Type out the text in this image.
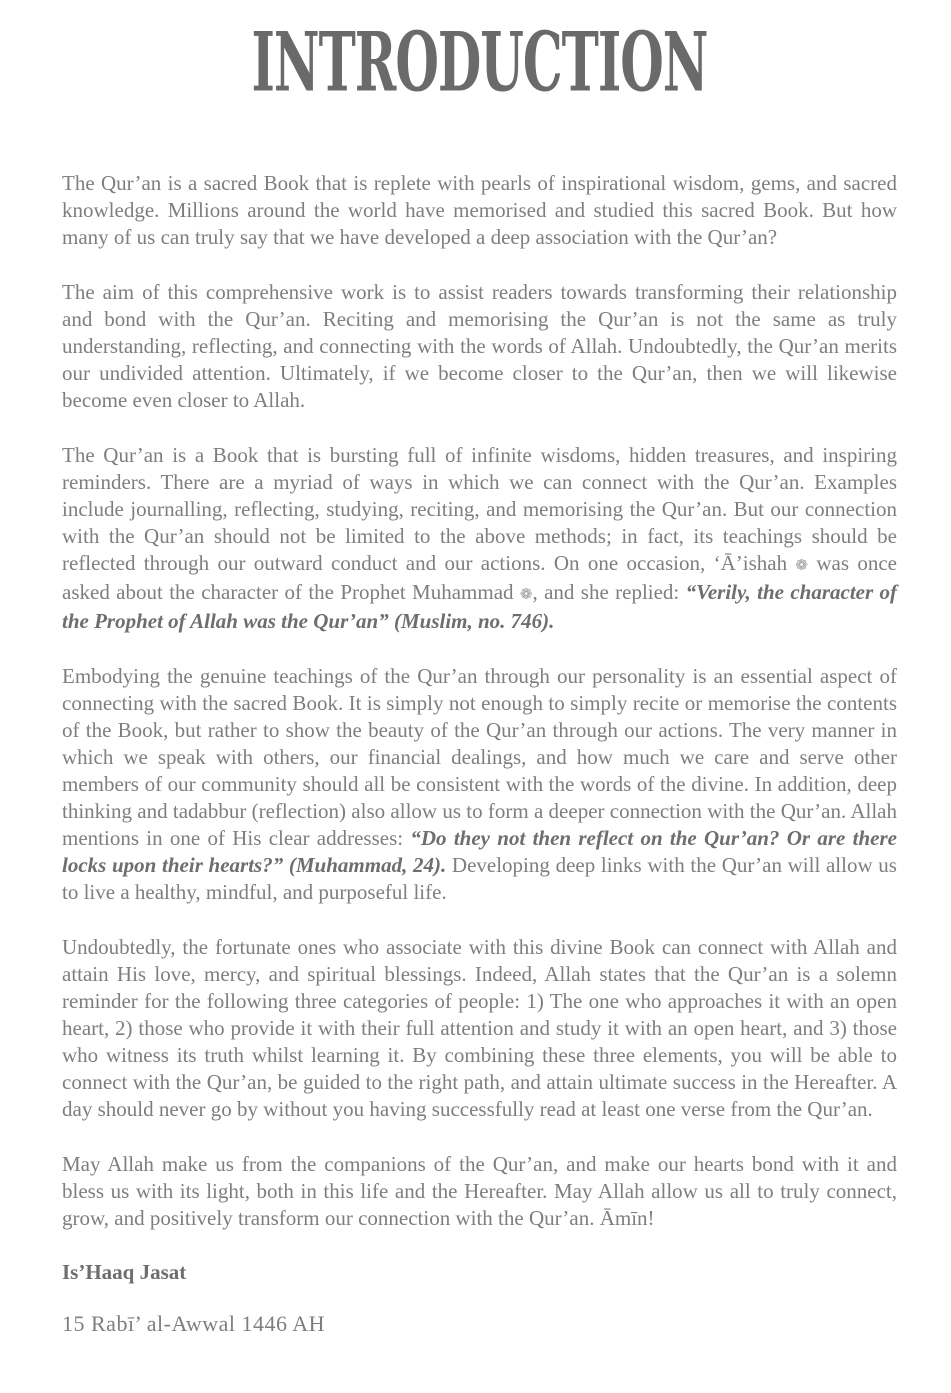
INTRODUCTION

The Qur’an is a sacred Book that is replete with pearls of inspirational wisdom, gems, and sacred knowledge. Millions around the world have memorised and studied this sacred Book. But how many of us can truly say that we have developed a deep association with the Qur’an?

The aim of this comprehensive work is to assist readers towards transforming their relationship and bond with the Qur’an. Reciting and memorising the Qur’an is not the same as truly understanding, reflecting, and connecting with the words of Allah. Undoubtedly, the Qur’an merits our undivided attention. Ultimately, if we become closer to the Qur’an, then we will likewise become even closer to Allah.

The Qur’an is a Book that is bursting full of infinite wisdoms, hidden treasures, and inspiring reminders. There are a myriad of ways in which we can connect with the Qur’an. Examples include journalling, reflecting, studying, reciting, and memorising the Qur’an. But our connection with the Qur’an should not be limited to the above methods; in fact, its teachings should be reflected through our outward conduct and our actions. On one occasion, ‘Ā’ishah ❁ was once asked about the character of the Prophet Muhammad ❁, and she replied: “Verily, the character of the Prophet of Allah was the Qur’an” (Muslim, no. 746).

Embodying the genuine teachings of the Qur’an through our personality is an essential aspect of connecting with the sacred Book. It is simply not enough to simply recite or memorise the contents of the Book, but rather to show the beauty of the Qur’an through our actions. The very manner in which we speak with others, our financial dealings, and how much we care and serve other members of our community should all be consistent with the words of the divine. In addition, deep thinking and tadabbur (reflection) also allow us to form a deeper connection with the Qur’an. Allah mentions in one of His clear addresses: “Do they not then reflect on the Qur’an? Or are there locks upon their hearts?” (Muhammad, 24). Developing deep links with the Qur’an will allow us to live a healthy, mindful, and purposeful life.

Undoubtedly, the fortunate ones who associate with this divine Book can connect with Allah and attain His love, mercy, and spiritual blessings. Indeed, Allah states that the Qur’an is a solemn reminder for the following three categories of people: 1) The one who approaches it with an open heart, 2) those who provide it with their full attention and study it with an open heart, and 3) those who witness its truth whilst learning it. By combining these three elements, you will be able to connect with the Qur’an, be guided to the right path, and attain ultimate success in the Hereafter. A day should never go by without you having successfully read at least one verse from the Qur’an.

May Allah make us from the companions of the Qur’an, and make our hearts bond with it and bless us with its light, both in this life and the Hereafter. May Allah allow us all to truly connect, grow, and positively transform our connection with the Qur’an. Āmīn!

Is’Haaq Jasat

15 Rabī’ al-Awwal 1446 AH
